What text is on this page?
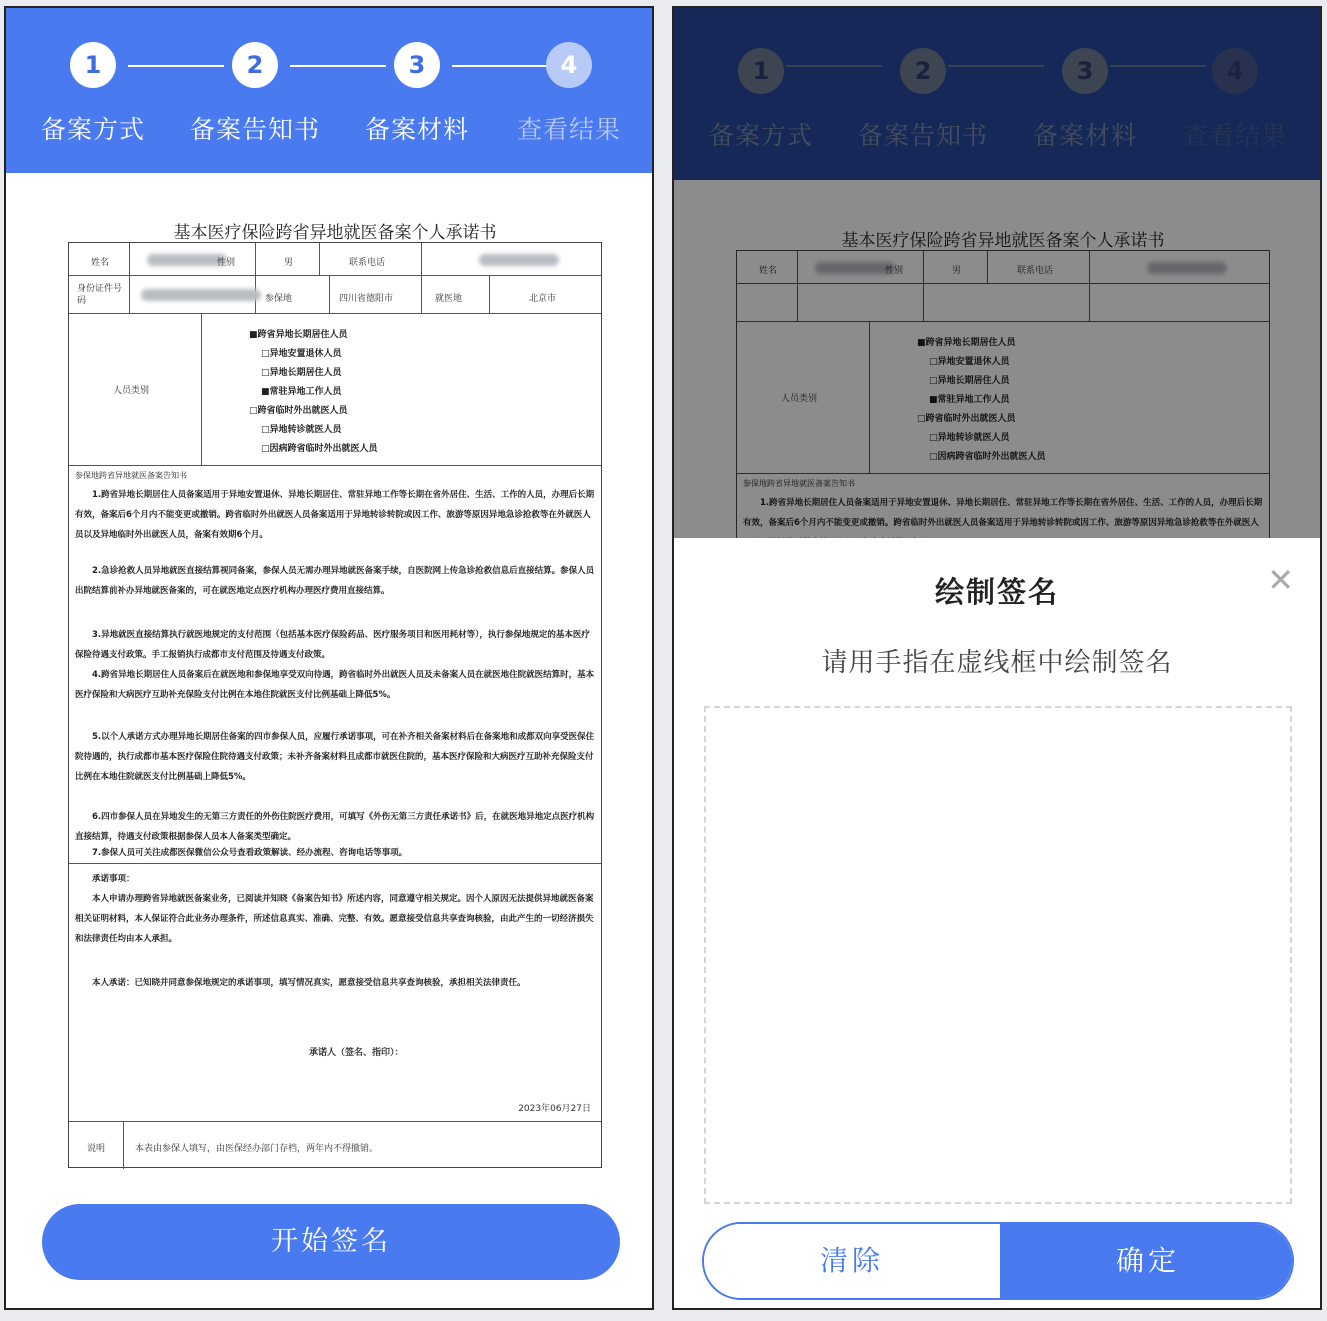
1
备案方式
2
备案告知书
3
备案材料
4
查看结果
基本医疗保险跨省异地就医备案个人承诺书
姓名	性别	男	联系电话
身份证件号码	参保地	四川省德阳市	就医地	北京市
人员类别
■跨省异地长期居住人员
□异地安置退休人员
□异地长期居住人员
■常驻异地工作人员
□跨省临时外出就医人员
□异地转诊就医人员
□因病跨省临时外出就医人员
参保地跨省异地就医备案告知书
1.跨省异地长期居住人员备案适用于异地安置退休、异地长期居住、常驻异地工作等长期在省外居住、生活、工作的人员，办理后长期有效，备案后6个月内不能变更或撤销。跨省临时外出就医人员备案适用于异地转诊转院或因工作、旅游等原因异地急诊抢救等在外就医人员以及异地临时外出就医人员，备案有效期6个月。
2.急诊抢救人员异地就医直接结算视同备案，参保人员无需办理异地就医备案手续，自医院网上传急诊抢救信息后直接结算。参保人员出院结算前补办异地就医备案的，可在就医地定点医疗机构办理医疗费用直接结算。
3.异地就医直接结算执行就医地规定的支付范围（包括基本医疗保险药品、医疗服务项目和医用耗材等），执行参保地规定的基本医疗保险待遇支付政策。手工报销执行成都市支付范围及待遇支付政策。
4.跨省异地长期居住人员备案后在就医地和参保地享受双向待遇，跨省临时外出就医人员及未备案人员在就医地住院就医结算时，基本医疗保险和大病医疗互助补充保险支付比例在本地住院就医支付比例基础上降低5%。
5.以个人承诺方式办理异地长期居住备案的四市参保人员，应履行承诺事项，可在补齐相关备案材料后在备案地和成都双向享受医保住院待遇的，执行成都市基本医疗保险住院待遇支付政策；未补齐备案材料且成都市就医住院的，基本医疗保险和大病医疗互助补充保险支付比例在本地住院就医支付比例基础上降低5%。
6.四市参保人员在异地发生的无第三方责任的外伤住院医疗费用，可填写《外伤无第三方责任承诺书》后，在就医地异地定点医疗机构直接结算，待遇支付政策根据参保人员本人备案类型确定。
7.参保人员可关注成都医保微信公众号查看政策解读、经办流程、咨询电话等事项。
承诺事项：
本人申请办理跨省异地就医备案业务，已阅读并知晓《备案告知书》所述内容，同意遵守相关规定。因个人原因无法提供异地就医备案相关证明材料，本人保证符合此业务办理条件，所述信息真实、准确、完整、有效。愿意接受信息共享查询核验，由此产生的一切经济损失和法律责任均由本人承担。
本人承诺：已知晓并同意参保地规定的承诺事项，填写情况真实，愿意接受信息共享查询核验，承担相关法律责任。
承诺人（签名、指印）：
2023年06月27日
说明	本表由参保人填写，由医保经办部门存档，两年内不得撤销。
开始签名
1
备案方式
2
备案告知书
3
备案材料
4
查看结果
基本医疗保险跨省异地就医备案个人承诺书
姓名	性别	男	联系电话
人员类别
■跨省异地长期居住人员
□异地安置退休人员
□异地长期居住人员
■常驻异地工作人员
□跨省临时外出就医人员
□异地转诊就医人员
□因病跨省临时外出就医人员
参保地跨省异地就医备案告知书
1.跨省异地长期居住人员备案适用于异地安置退休、异地长期居住、常驻异地工作等长期在省外居住、生活、工作的人员，办理后长期有效，备案后6个月内不能变更或撤销。跨省临时外出就医人员备案适用于异地转诊转院或因工作、旅游等原因异地急诊抢救等在外就医人
绘制签名	✕
请用手指在虚线框中绘制签名
清除	确定
